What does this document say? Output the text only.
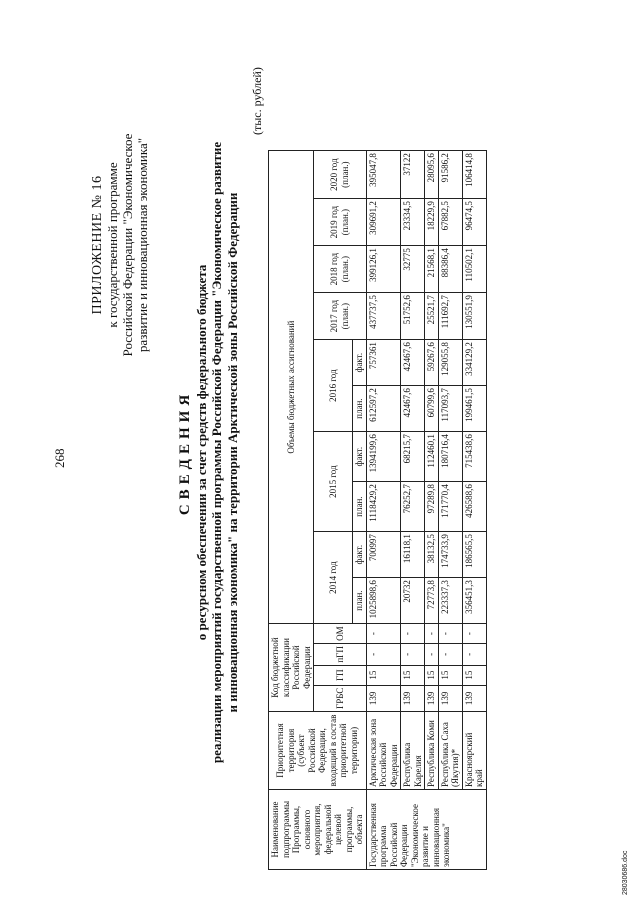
268
ПРИЛОЖЕНИЕ № 16 к государственной программе Российской Федерации "Экономическое развитие и инновационная экономика"
СВЕДЕНИЯ о ресурсном обеспечении за счет средств федерального бюджета реализации мероприятий государственной программы Российской Федерации "Экономическое развитие и инновационная экономика" на территории Арктической зоны Российской Федерации
(тыс. рублей)
Наименование подпрограммы Программы, основного мероприятия, федеральной целевой программы, объекта	Приоритетная территория (субъект Российской Федерации, входящий в состав приоритетной территории)	Код бюджетной классификации Российской Федерации				Объемы бюджетных ассигнований									
		ГРБС	ГП	пГП	ОМ	2014 год		2015 год		2016 год		2017 год (план.)	2018 год (план.)	2019 год (план.)	2020 год (план.)
						план.	факт.	план.	факт.	план.	факт.				
Государственная программа Российской Федерации "Экономическое развитие и инновационная экономика"	Арктическая зона Российской Федерации	139	15	-	-	1025898,6	700997	1118429,2	1394199,6	612597,2	757361	437737,5	399126,1	309691,2	395047,8
	Республика Карелия	139	15	-	-	20732	16118,1	76252,7	68215,7	42467,6	42467,6	51752,6	32775	23334,5	37122
	Республика Коми	139	15	-	-	72773,8	38132,5	97289,8	112460,1	60799,6	59267,6	25521,7	21568,1	18229,9	28095,6
	Республика Саха (Якутия)*	139	15	-	-	223337,3	174733,9	171770,4	180716,4	117093,7	129055,8	111692,7	88386,4	67882,5	91586,2
	Красноярский край	139	15	-	-	356451,3	186565,5	426588,6	715438,6	199461,5	334129,2	130551,9	110502,1	96474,5	106414,8
28030686.doc
